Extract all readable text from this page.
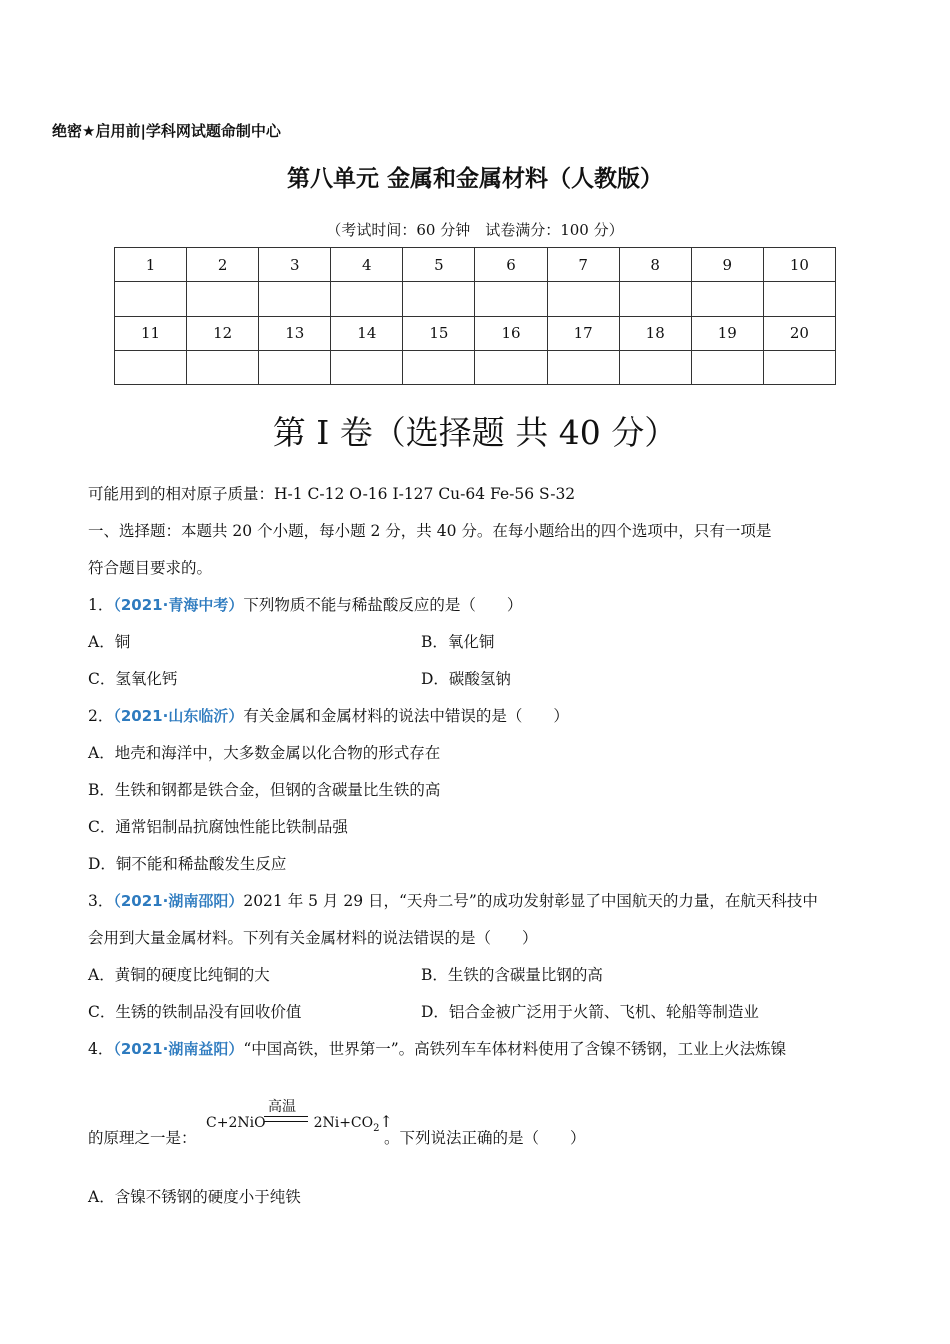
绝密★启用前|学科网试题命制中心
第八单元 金属和金属材料（人教版）
（考试时间：60 分钟　试卷满分：100 分）
1	2	3	4	5	6	7	8	9	10

11	12	13	14	15	16	17	18	19	20

第 I 卷（选择题 共 40 分）
可能用到的相对原子质量：H-1 C-12 O-16 I-127 Cu-64 Fe-56 S-32
一、选择题：本题共 20 个小题，每小题 2 分，共 40 分。在每小题给出的四个选项中，只有一项是
符合题目要求的。
1．（2021·青海中考）下列物质不能与稀盐酸反应的是（　　）
A．铜	B．氧化铜
C．氢氧化钙	D．碳酸氢钠
2．（2021·山东临沂）有关金属和金属材料的说法中错误的是（　　）
A．地壳和海洋中，大多数金属以化合物的形式存在
B．生铁和钢都是铁合金，但钢的含碳量比生铁的高
C．通常铝制品抗腐蚀性能比铁制品强
D．铜不能和稀盐酸发生反应
3．（2021·湖南邵阳）2021 年 5 月 29 日，“天舟二号”的成功发射彰显了中国航天的力量，在航天科技中
会用到大量金属材料。下列有关金属材料的说法错误的是（　　）
A．黄铜的硬度比纯铜的大	B．生铁的含碳量比钢的高
C．生锈的铁制品没有回收价值	D．铝合金被广泛用于火箭、飞机、轮船等制造业
4．（2021·湖南益阳）“中国高铁，世界第一”。高铁列车车体材料使用了含镍不锈钢，工业上火法炼镍
的原理之一是：
高温
C+2NiO	$2Ni+CO_2↑$
。下列说法正确的是（　　）
A．含镍不锈钢的硬度小于纯铁
